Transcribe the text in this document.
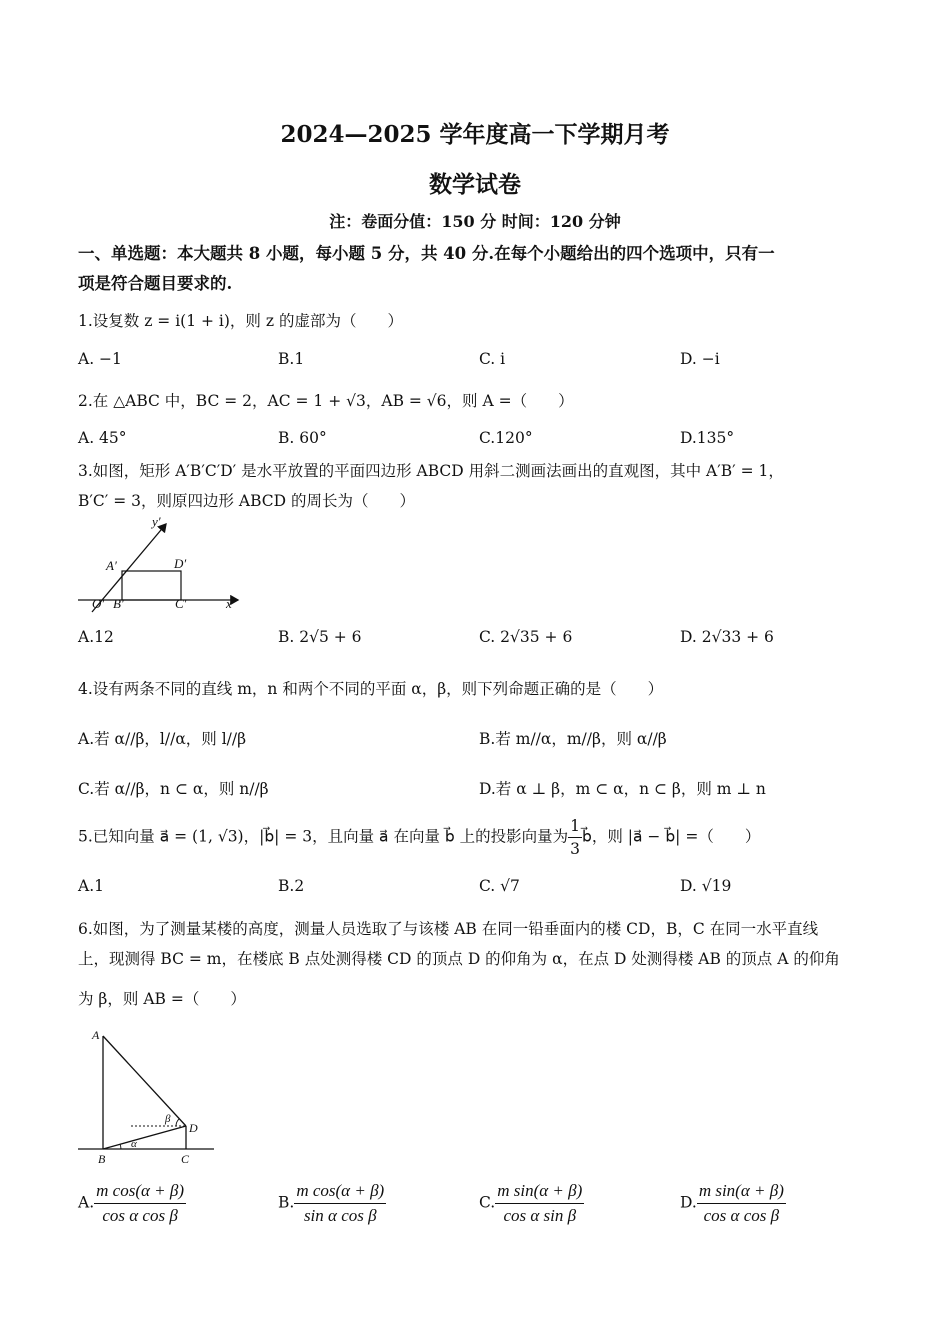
2024—2025 学年度高一下学期月考
数学试卷
注：卷面分值：150 分 时间：120 分钟
一、单选题：本大题共 8 小题，每小题 5 分，共 40 分.在每个小题给出的四个选项中，只有一
项是符合题目要求的.
1.设复数 z = i(1 + i)，则 z 的虚部为（　　）
A. −1	B.1	C. i	D. −i
2.在 △ABC 中，BC = 2，AC = 1 + √3，AB = √6，则 A =（　　）
A. 45°	B. 60°	C.120°	D.135°
3.如图，矩形 A′B′C′D′ 是水平放置的平面四边形 ABCD 用斜二测画法画出的直观图，其中 A′B′ = 1，
B′C′ = 3，则原四边形 ABCD 的周长为（　　）
y′
A′	D′
O′ B′	C′	x′
A.12	B. 2√5 + 6	C. 2√35 + 6	D. 2√33 + 6
4.设有两条不同的直线 m，n 和两个不同的平面 α，β，则下列命题正确的是（　　）
A.若 α//β，l//α，则 l//β	B.若 m//α，m//β，则 α//β
C.若 α//β，n ⊂ α，则 n//β	D.若 α ⊥ β，m ⊂ α，n ⊂ β，则 m ⊥ n
5.已知向量 a⃗ = (1, √3)，|b⃗| = 3，且向量 a⃗ 在向量 b⃗ 上的投影向量为 $\frac{1}{3}$ b⃗，则 |a⃗ − b⃗| =（　　）
A.1	B.2	C. √7	D. √19
6.如图，为了测量某楼的高度，测量人员选取了与该楼 AB 在同一铅垂面内的楼 CD，B，C 在同一水平直线
上，现测得 BC = m，在楼底 B 点处测得楼 CD 的顶点 D 的仰角为 α，在点 D 处测得楼 AB 的顶点 A 的仰角
为 β，则 AB =（　　）
A
β
D
α
B	C
A. $\frac{\text{m cos(α + β)}}{\text{cos α cos β}}$	B. $\frac{\text{m cos(α + β)}}{\text{sin α cos β}}$	C. $\frac{\text{m sin(α + β)}}{\text{cos α sin β}}$	D. $\frac{\text{m sin(α + β)}}{\text{cos α cos β}}$
